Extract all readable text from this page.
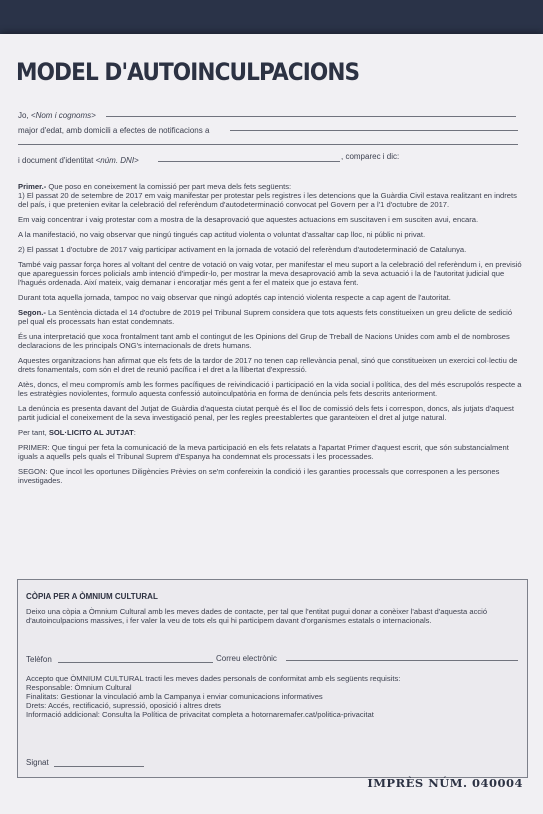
MODEL D'AUTOINCULPACIONS
Jo, <Nom i cognoms>
major d'edat, amb domicili a efectes de notificacions a
i document d'identitat <núm. DNI>	, comparec i dic:

Primer.- Que poso en coneixement la comissió per part meva dels fets següents:
1) El passat 20 de setembre de 2017 em vaig manifestar per protestar pels registres i les detencions que la Guàrdia Civil estava realitzant en indrets del país, i que pretenien evitar la celebració del referèndum d'autodeterminació convocat pel Govern per a l'1 d'octubre de 2017.

Em vaig concentrar i vaig protestar com a mostra de la desaprovació que aquestes actuacions em suscitaven i em susciten avui, encara.

A la manifestació, no vaig observar que ningú tingués cap actitud violenta o voluntat d'assaltar cap lloc, ni públic ni privat.

2) El passat 1 d'octubre de 2017 vaig participar activament en la jornada de votació del referèndum d'autodeterminació de Catalunya.

També vaig passar força hores al voltant del centre de votació on vaig votar, per manifestar el meu suport a la celebració del referèndum i, en previsió que apareguessin forces policials amb intenció d'impedir-lo, per mostrar la meva desaprovació amb la seva actuació i la de l'autoritat judicial que l'hagués ordenada. Així mateix, vaig demanar i encoratjar més gent a fer el mateix que jo estava fent.

Durant tota aquella jornada, tampoc no vaig observar que ningú adoptés cap intenció violenta respecte a cap agent de l'autoritat.

Segon.- La Sentència dictada el 14 d'octubre de 2019 pel Tribunal Suprem considera que tots aquests fets constitueixen un greu delicte de sedició pel qual els processats han estat condemnats.

És una interpretació que xoca frontalment tant amb el contingut de les Opinions del Grup de Treball de Nacions Unides com amb el de nombroses declaracions de les principals ONG's internacionals de drets humans.

Aquestes organitzacions han afirmat que els fets de la tardor de 2017 no tenen cap rellevància penal, sinó que constitueixen un exercici col·lectiu de drets fonamentals, com són el dret de reunió pacífica i el dret a la llibertat d'expressió.

Atès, doncs, el meu compromís amb les formes pacífiques de reivindicació i participació en la vida social i política, des del més escrupolós respecte a les estratègies noviolentes, formulo aquesta confessió autoinculpatòria en forma de denúncia pels fets descrits anteriorment.

La denúncia es presenta davant del Jutjat de Guàrdia d'aquesta ciutat perquè és el lloc de comissió dels fets i correspon, doncs, als jutjats d'aquest partit judicial el coneixement de la seva investigació penal, per les regles preestablertes que garanteixen el dret al jutge natural.

Per tant, SOL·LICITO AL JUTJAT:

PRIMER: Que tingui per feta la comunicació de la meva participació en els fets relatats a l'apartat Primer d'aquest escrit, que són substancialment iguals a aquells pels quals el Tribunal Suprem d'Espanya ha condemnat els processats i les processades.

SEGON: Que incoï les oportunes Diligències Prèvies on se'm confereixin la condició i les garanties processals que corresponen a les persones investigades.

CÒPIA PER A ÒMNIUM CULTURAL
Deixo una còpia a Òmnium Cultural amb les meves dades de contacte, per tal que l'entitat pugui donar a conèixer l'abast d'aquesta acció d'autoinculpacions massives, i fer valer la veu de tots els qui hi participem davant d'organismes estatals o internacionals.
Telèfon	Correu electrònic
Accepto que ÒMNIUM CULTURAL tracti les meves dades personals de conformitat amb els següents requisits:
Responsable: Òmnium Cultural
Finalitats: Gestionar la vinculació amb la Campanya i enviar comunicacions informatives
Drets: Accés, rectificació, supressió, oposició i altres drets
Informació addicional: Consulta la Política de privacitat completa a hotornaremafer.cat/politica-privacitat
Signat
IMPRÈS NÚM. 040004
